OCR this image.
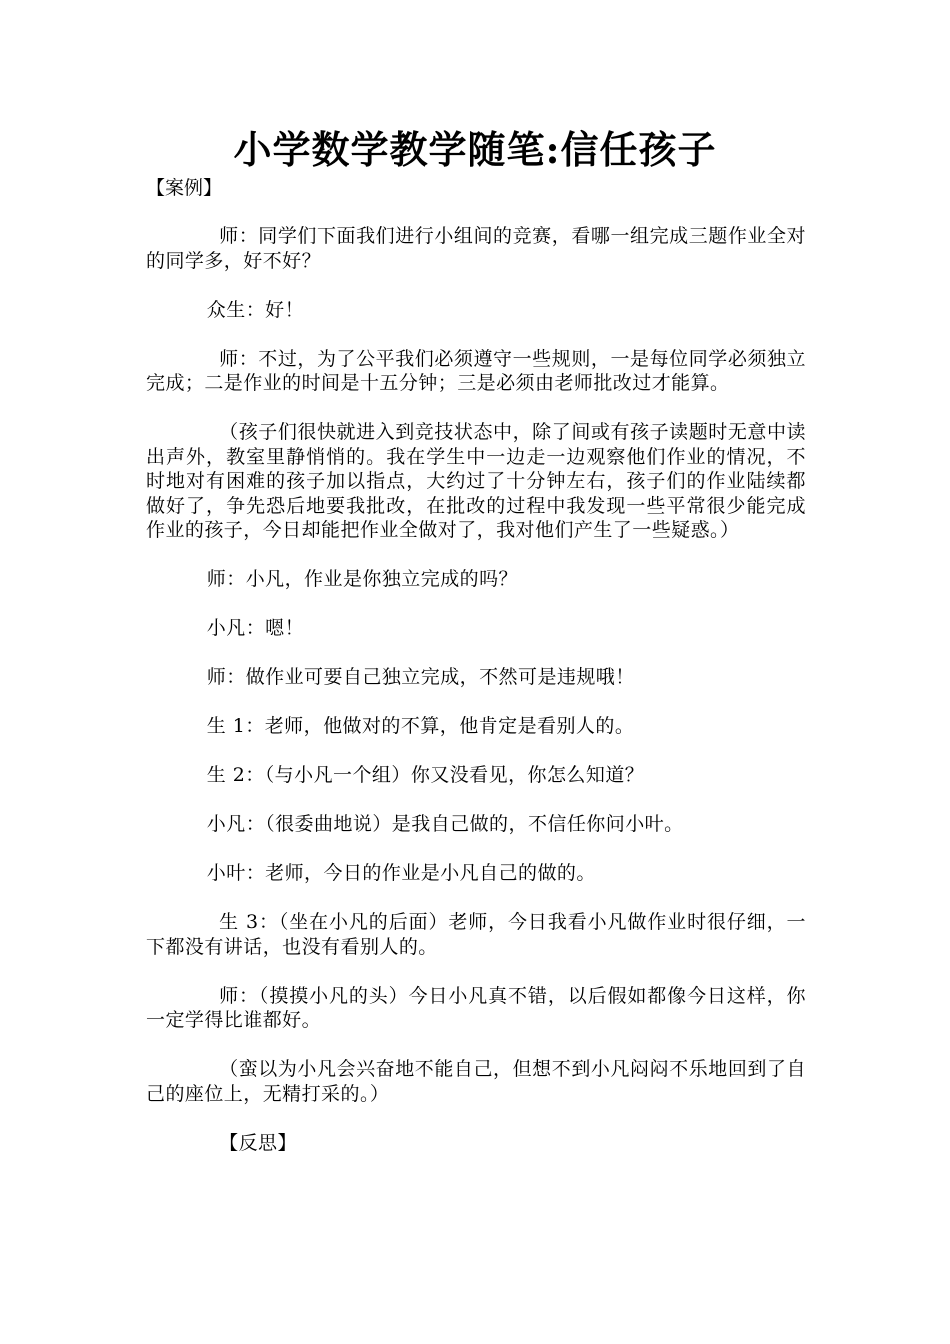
小学数学教学随笔:信任孩子
【案例】

师：同学们下面我们进行小组间的竞赛，看哪一组完成三题作业全对的同学多，好不好？

众生：好！

师：不过，为了公平我们必须遵守一些规则，一是每位同学必须独立完成；二是作业的时间是十五分钟；三是必须由老师批改过才能算。

（孩子们很快就进入到竞技状态中，除了间或有孩子读题时无意中读出声外，教室里静悄悄的。我在学生中一边走一边观察他们作业的情况，不时地对有困难的孩子加以指点，大约过了十分钟左右，孩子们的作业陆续都做好了，争先恐后地要我批改，在批改的过程中我发现一些平常很少能完成作业的孩子，今日却能把作业全做对了，我对他们产生了一些疑惑。）

师：小凡，作业是你独立完成的吗？

小凡：嗯！

师：做作业可要自己独立完成，不然可是违规哦！

生 1：老师，他做对的不算，他肯定是看别人的。

生 2：（与小凡一个组）你又没看见，你怎么知道？

小凡：（很委曲地说）是我自己做的，不信任你问小叶。

小叶：老师，今日的作业是小凡自己的做的。

生 3：（坐在小凡的后面）老师，今日我看小凡做作业时很仔细，一下都没有讲话，也没有看别人的。

师：（摸摸小凡的头）今日小凡真不错，以后假如都像今日这样，你一定学得比谁都好。

（蛮以为小凡会兴奋地不能自己，但想不到小凡闷闷不乐地回到了自己的座位上，无精打采的。）

【反思】
